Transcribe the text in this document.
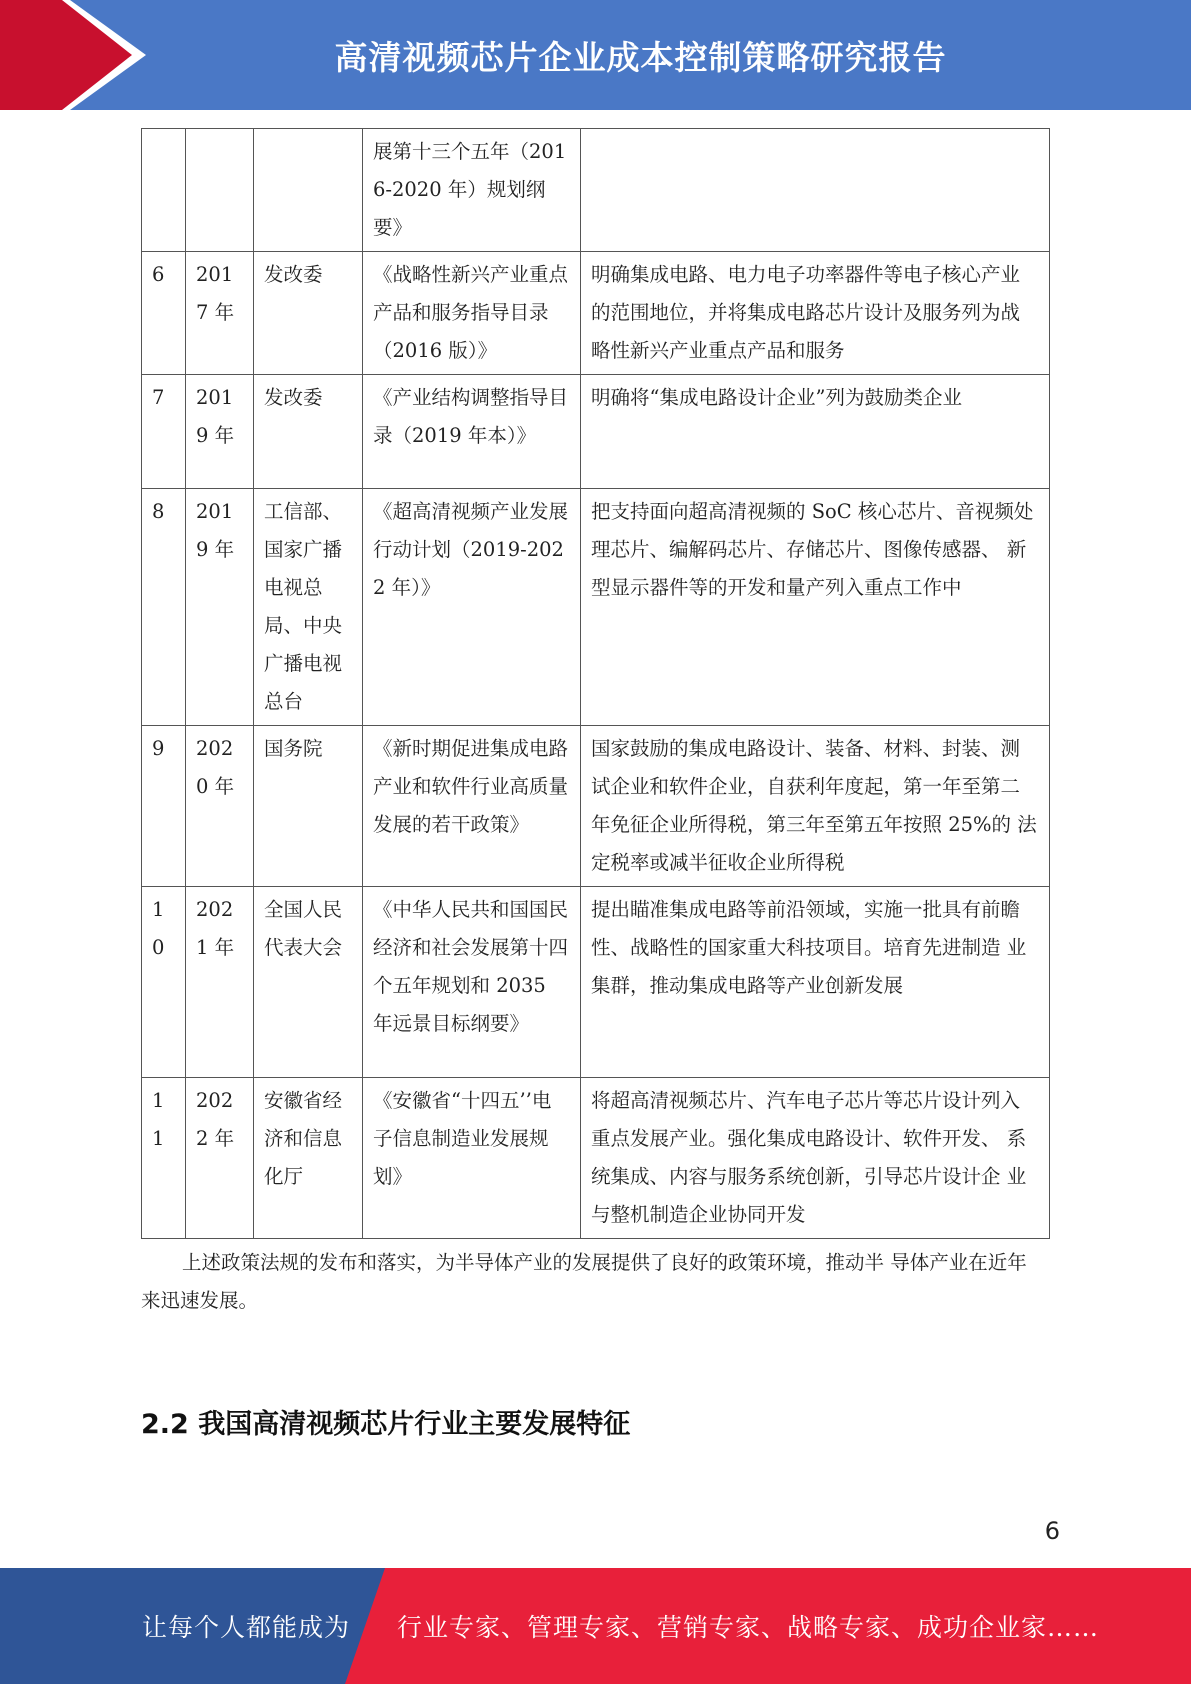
高清视频芯片企业成本控制策略研究报告
			展第十三个五年（2016-2020 年）规划纲要》	
6	2017 年	发改委	《战略性新兴产业重点产品和服务指导目录（2016 版）》	明确集成电路、电力电子功率器件等电子核心产业的范围地位，并将集成电路芯片设计及服务列为战略性新兴产业重点产品和服务
7	2019 年	发改委	《产业结构调整指导目录（2019 年本）》	明确将“集成电路设计企业”列为鼓励类企业
8	2019 年	工信部、国家广播电视总局、中央广播电视总台	《超高清视频产业发展行动计划（2019-2022 年）》	把支持面向超高清视频的 SoC 核心芯片、音视频处理芯片、编解码芯片、存储芯片、图像传感器、 新型显示器件等的开发和量产列入重点工作中
9	2020 年	国务院	《新时期促进集成电路产业和软件行业高质量发展的若干政策》	国家鼓励的集成电路设计、装备、材料、封装、测 试企业和软件企业，自获利年度起，第一年至第二 年免征企业所得税，第三年至第五年按照 25%的 法定税率或减半征收企业所得税
10	2021 年	全国人民代表大会	《中华人民共和国国民经济和社会发展第十四个五年规划和 2035 年远景目标纲要》	提出瞄准集成电路等前沿领域，实施一批具有前瞻性、战略性的国家重大科技项目。培育先进制造 业集群，推动集成电路等产业创新发展
11	2022 年	安徽省经济和信息化厅	《安徽省“十四五’’电子信息制造业发展规划》	将超高清视频芯片、汽车电子芯片等芯片设计列入重点发展产业。强化集成电路设计、软件开发、 系统集成、内容与服务系统创新，引导芯片设计企 业与整机制造企业协同开发
上述政策法规的发布和落实，为半导体产业的发展提供了良好的政策环境，推动半 导体产业在近年来迅速发展。
2.2 我国高清视频芯片行业主要发展特征
6
让每个人都能成为 行业专家、管理专家、营销专家、战略专家、成功企业家……
